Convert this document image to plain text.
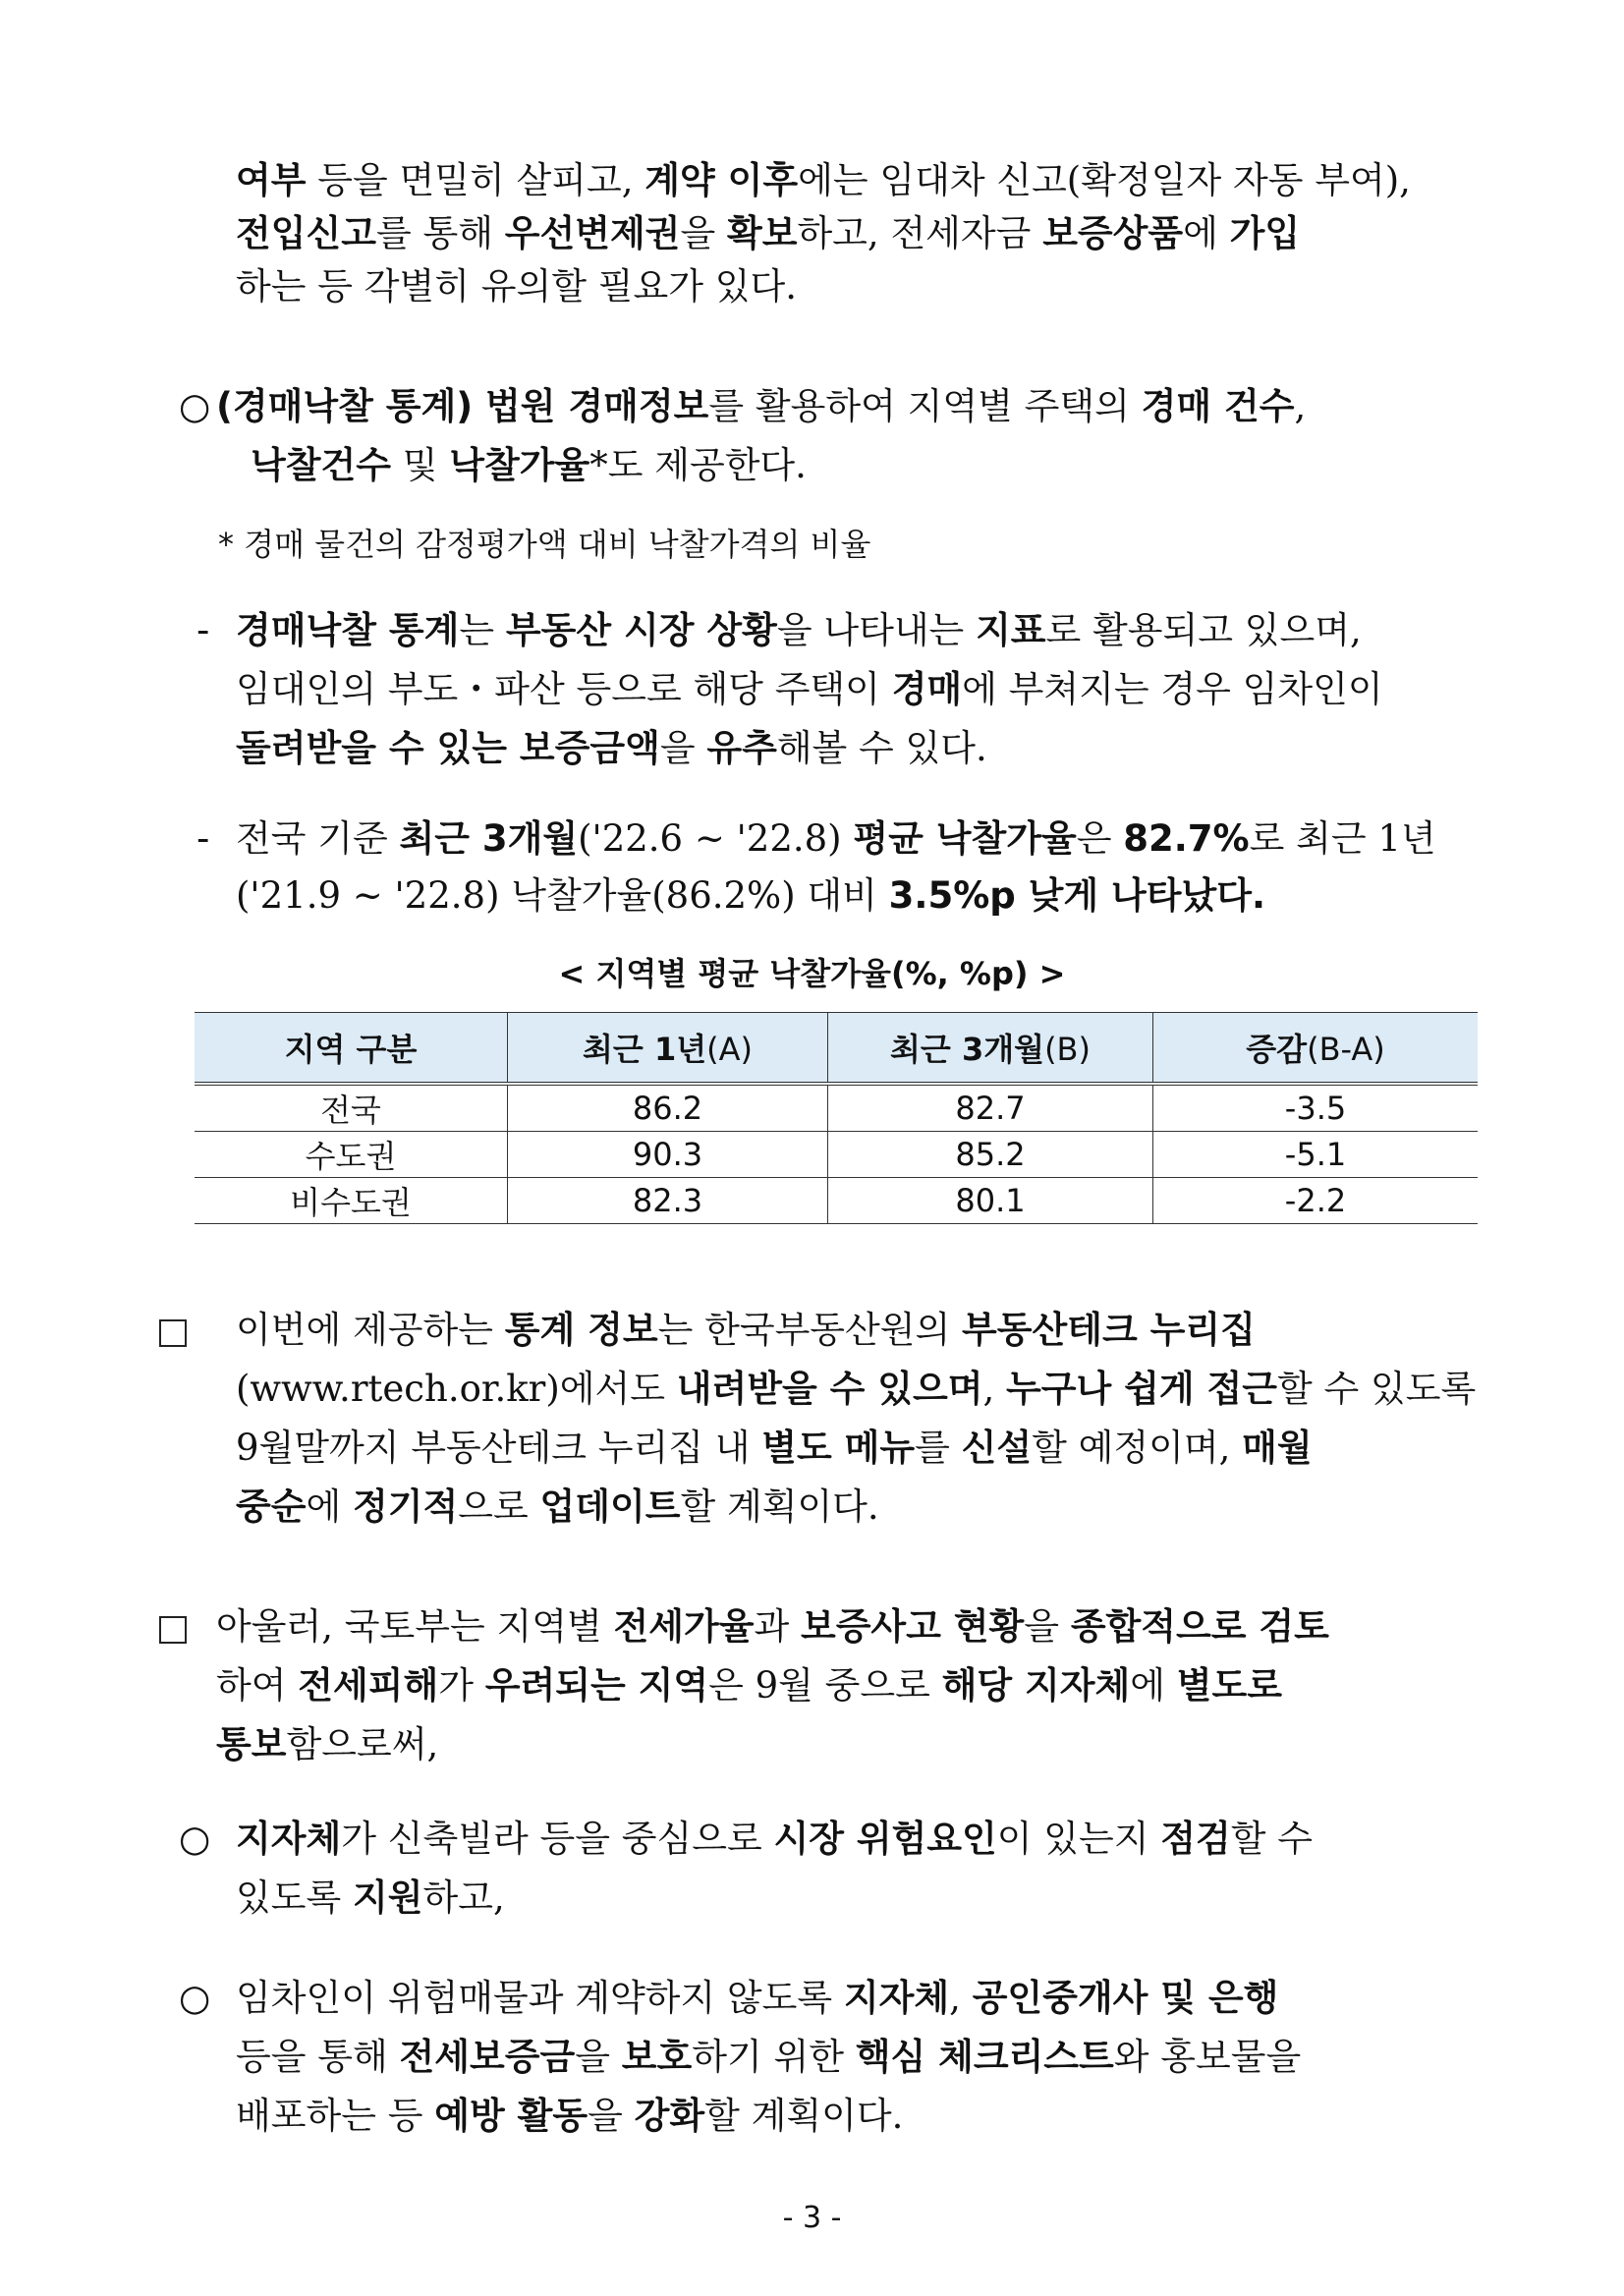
여부 등을 면밀히 살피고, 계약 이후에는 임대차 신고(확정일자 자동 부여),
전입신고를 통해 우선변제권을 확보하고, 전세자금 보증상품에 가입
하는 등 각별히 유의할 필요가 있다.
○ (경매낙찰 통계) 법원 경매정보를 활용하여 지역별 주택의 경매 건수,
낙찰건수 및 낙찰가율*도 제공한다.
* 경매 물건의 감정평가액 대비 낙찰가격의 비율
- 경매낙찰 통계는 부동산 시장 상황을 나타내는 지표로 활용되고 있으며,
임대인의 부도・파산 등으로 해당 주택이 경매에 부쳐지는 경우 임차인이
돌려받을 수 있는 보증금액을 유추해볼 수 있다.
- 전국 기준 최근 3개월('22.6 ~ '22.8) 평균 낙찰가율은 82.7%로 최근 1년
('21.9 ~ '22.8) 낙찰가율(86.2%) 대비 3.5%p 낮게 나타났다.
< 지역별 평균 낙찰가율(%, %p) >
지역 구분	최근 1년(A)	최근 3개월(B)	증감(B-A)
전국	86.2	82.7	-3.5
수도권	90.3	85.2	-5.1
비수도권	82.3	80.1	-2.2
이번에 제공하는 통계 정보는 한국부동산원의 부동산테크 누리집
(www.rtech.or.kr)에서도 내려받을 수 있으며, 누구나 쉽게 접근할 수 있도록
9월말까지 부동산테크 누리집 내 별도 메뉴를 신설할 예정이며, 매월
중순에 정기적으로 업데이트할 계획이다.
아울러, 국토부는 지역별 전세가율과 보증사고 현황을 종합적으로 검토
하여 전세피해가 우려되는 지역은 9월 중으로 해당 지자체에 별도로
통보함으로써,
○ 지자체가 신축빌라 등을 중심으로 시장 위험요인이 있는지 점검할 수
있도록 지원하고,
○ 임차인이 위험매물과 계약하지 않도록 지자체, 공인중개사 및 은행
등을 통해 전세보증금을 보호하기 위한 핵심 체크리스트와 홍보물을
배포하는 등 예방 활동을 강화할 계획이다.
- 3 -
